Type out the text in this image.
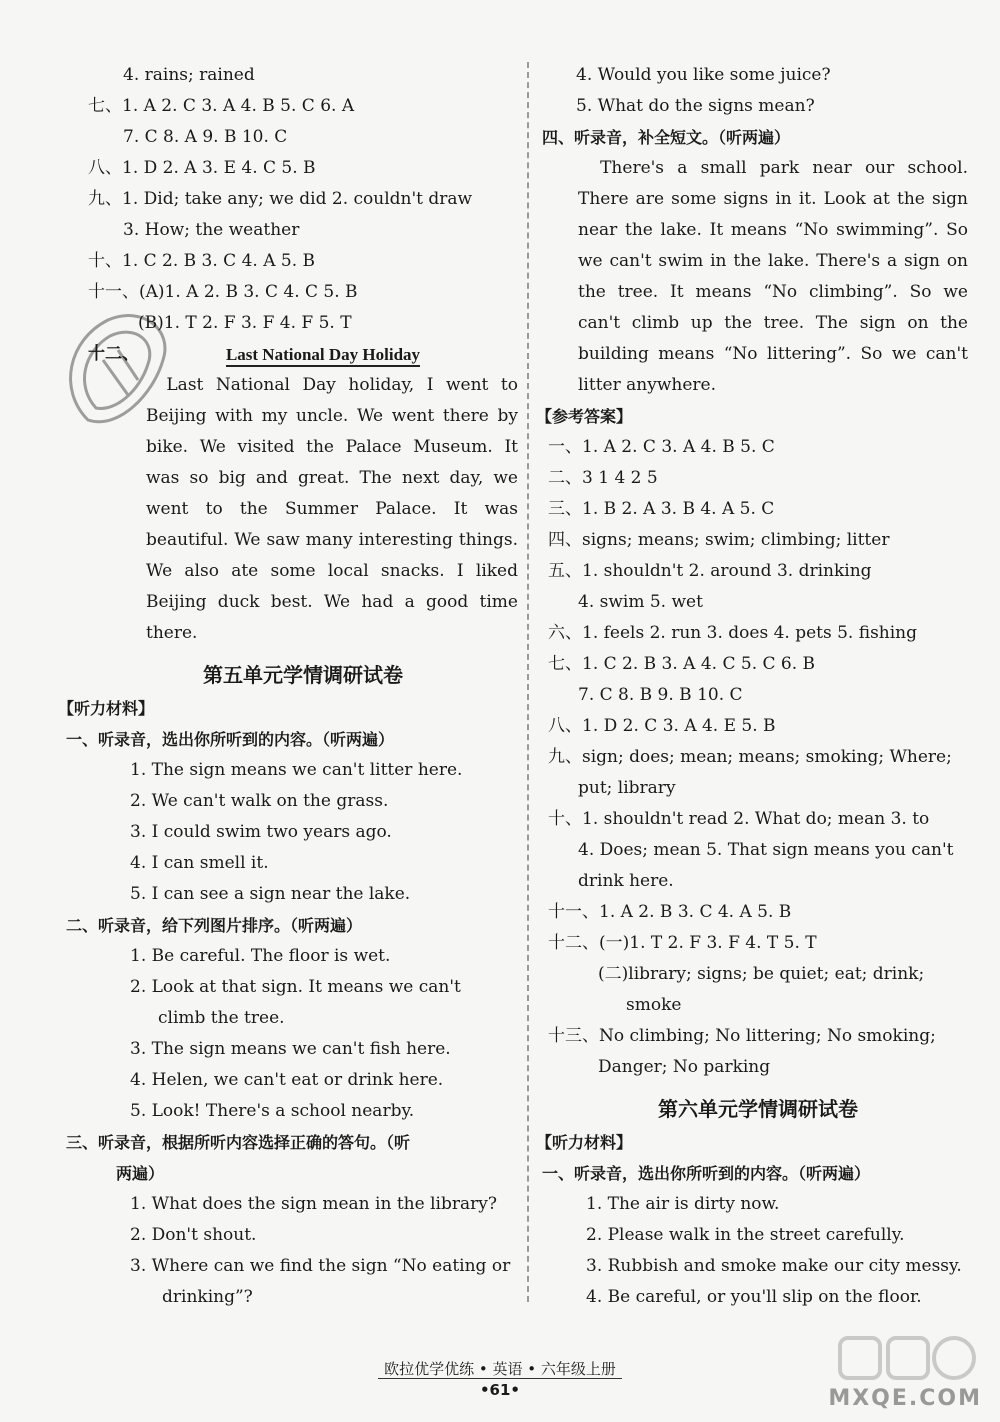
4. rains; rained
七、1. A 2. C 3. A 4. B 5. C 6. A
7. C 8. A 9. B 10. C
八、1. D 2. A 3. E 4. C 5. B
九、1. Did; take any; we did 2. couldn't draw
3. How; the weather
十、1. C 2. B 3. C 4. A 5. B
十一、(A)1. A 2. B 3. C 4. C 5. B
(B)1. T 2. F 3. F 4. F 5. T
十二、	Last National Day Holiday
Last National Day holiday, I went to Beijing with my uncle. We went there by bike. We visited the Palace Museum. It was so big and great. The next day, we went to the Summer Palace. It was beautiful. We saw many interesting things. We also ate some local snacks. I liked Beijing duck best. We had a good time there.
第五单元学情调研试卷
【听力材料】
一、听录音，选出你所听到的内容。（听两遍）
1. The sign means we can't litter here.
2. We can't walk on the grass.
3. I could swim two years ago.
4. I can smell it.
5. I can see a sign near the lake.
二、听录音，给下列图片排序。（听两遍）
1. Be careful. The floor is wet.
2. Look at that sign. It means we can't
climb the tree.
3. The sign means we can't fish here.
4. Helen, we can't eat or drink here.
5. Look! There's a school nearby.
三、听录音，根据所听内容选择正确的答句。（听
两遍）
1. What does the sign mean in the library?
2. Don't shout.
3. Where can we find the sign “No eating or
drinking”?
4. Would you like some juice?
5. What do the signs mean?
四、听录音，补全短文。（听两遍）
There's a small park near our school. There are some signs in it. Look at the sign near the lake. It means “No swimming”. So we can't swim in the lake. There's a sign on the tree. It means “No climbing”. So we can't climb up the tree. The sign on the building means “No littering”. So we can't litter anywhere.
【参考答案】
一、1. A 2. C 3. A 4. B 5. C
二、3 1 4 2 5
三、1. B 2. A 3. B 4. A 5. C
四、signs; means; swim; climbing; litter
五、1. shouldn't 2. around 3. drinking
4. swim 5. wet
六、1. feels 2. run 3. does 4. pets 5. fishing
七、1. C 2. B 3. A 4. C 5. C 6. B
7. C 8. B 9. B 10. C
八、1. D 2. C 3. A 4. E 5. B
九、sign; does; mean; means; smoking; Where;
put; library
十、1. shouldn't read 2. What do; mean 3. to
4. Does; mean 5. That sign means you can't
drink here.
十一、1. A 2. B 3. C 4. A 5. B
十二、(一)1. T 2. F 3. F 4. T 5. T
(二)library; signs; be quiet; eat; drink;
smoke
十三、No climbing; No littering; No smoking;
Danger; No parking
第六单元学情调研试卷
【听力材料】
一、听录音，选出你所听到的内容。（听两遍）
1. The air is dirty now.
2. Please walk in the street carefully.
3. Rubbish and smoke make our city messy.
4. Be careful, or you'll slip on the floor.
欧拉优学优练 • 英语 • 六年级上册
•61•	MXQE.COM
